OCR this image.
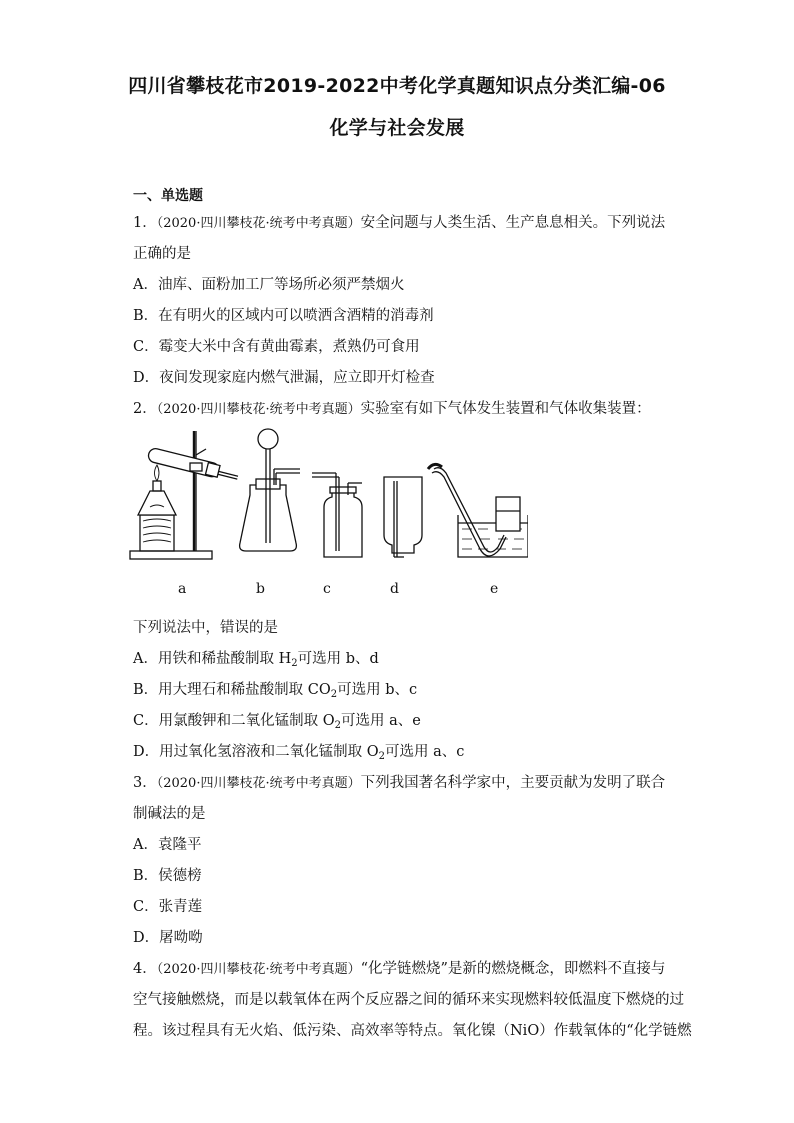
四川省攀枝花市2019-2022中考化学真题知识点分类汇编-06
化学与社会发展
一、单选题
1．（2020·四川攀枝花·统考中考真题）安全问题与人类生活、生产息息相关。下列说法
正确的是
A．油库、面粉加工厂等场所必须严禁烟火
B．在有明火的区域内可以喷洒含酒精的消毒剂
C．霉变大米中含有黄曲霉素，煮熟仍可食用
D．夜间发现家庭内燃气泄漏，应立即开灯检查
2．（2020·四川攀枝花·统考中考真题）实验室有如下气体发生装置和气体收集装置：
a	b	c	d	e
下列说法中，错误的是
A．用铁和稀盐酸制取 $H_2$可选用 b、d
B．用大理石和稀盐酸制取 $CO_2$可选用 b、c
C．用氯酸钾和二氧化锰制取 $O_2$可选用 a、e
D．用过氧化氢溶液和二氧化锰制取 $O_2$可选用 a、c
3．（2020·四川攀枝花·统考中考真题）下列我国著名科学家中，主要贡献为发明了联合
制碱法的是
A．袁隆平
B．侯德榜
C．张青莲
D．屠呦呦
4．（2020·四川攀枝花·统考中考真题）“化学链燃烧”是新的燃烧概念，即燃料不直接与
空气接触燃烧，而是以载氧体在两个反应器之间的循环来实现燃料较低温度下燃烧的过
程。该过程具有无火焰、低污染、高效率等特点。氧化镍（NiO）作载氧体的“化学链燃
